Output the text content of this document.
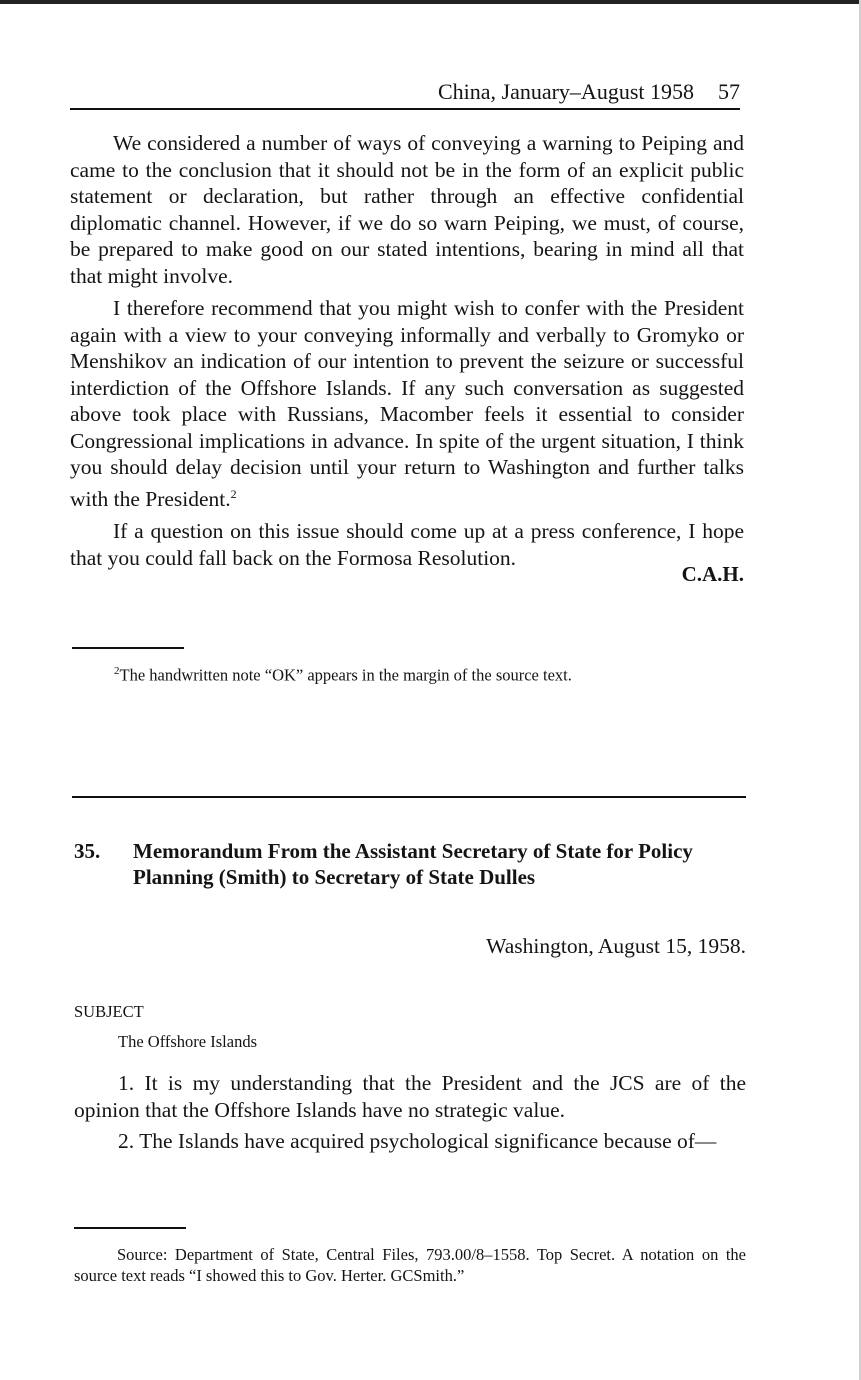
China, January–August 1958 57

We considered a number of ways of conveying a warning to Peiping and came to the conclusion that it should not be in the form of an explicit public statement or declaration, but rather through an effective confidential diplomatic channel. However, if we do so warn Peiping, we must, of course, be prepared to make good on our stated intentions, bearing in mind all that that might involve.

I therefore recommend that you might wish to confer with the President again with a view to your conveying informally and verbally to Gromyko or Menshikov an indication of our intention to prevent the seizure or successful interdiction of the Offshore Islands. If any such conversation as suggested above took place with Russians, Macomber feels it essential to consider Congressional implications in advance. In spite of the urgent situation, I think you should delay decision until your return to Washington and further talks with the President.$^2$

If a question on this issue should come up at a press conference, I hope that you could fall back on the Formosa Resolution.

C.A.H.
$^2$The handwritten note “OK” appears in the margin of the source text.
35. Memorandum From the Assistant Secretary of State for Policy Planning (Smith) to Secretary of State Dulles
Washington, August 15, 1958.
SUBJECT
The Offshore Islands

1. It is my understanding that the President and the JCS are of the opinion that the Offshore Islands have no strategic value.

2. The Islands have acquired psychological significance because of—

Source: Department of State, Central Files, 793.00/8–1558. Top Secret. A notation on the source text reads “I showed this to Gov. Herter. GCSmith.”
